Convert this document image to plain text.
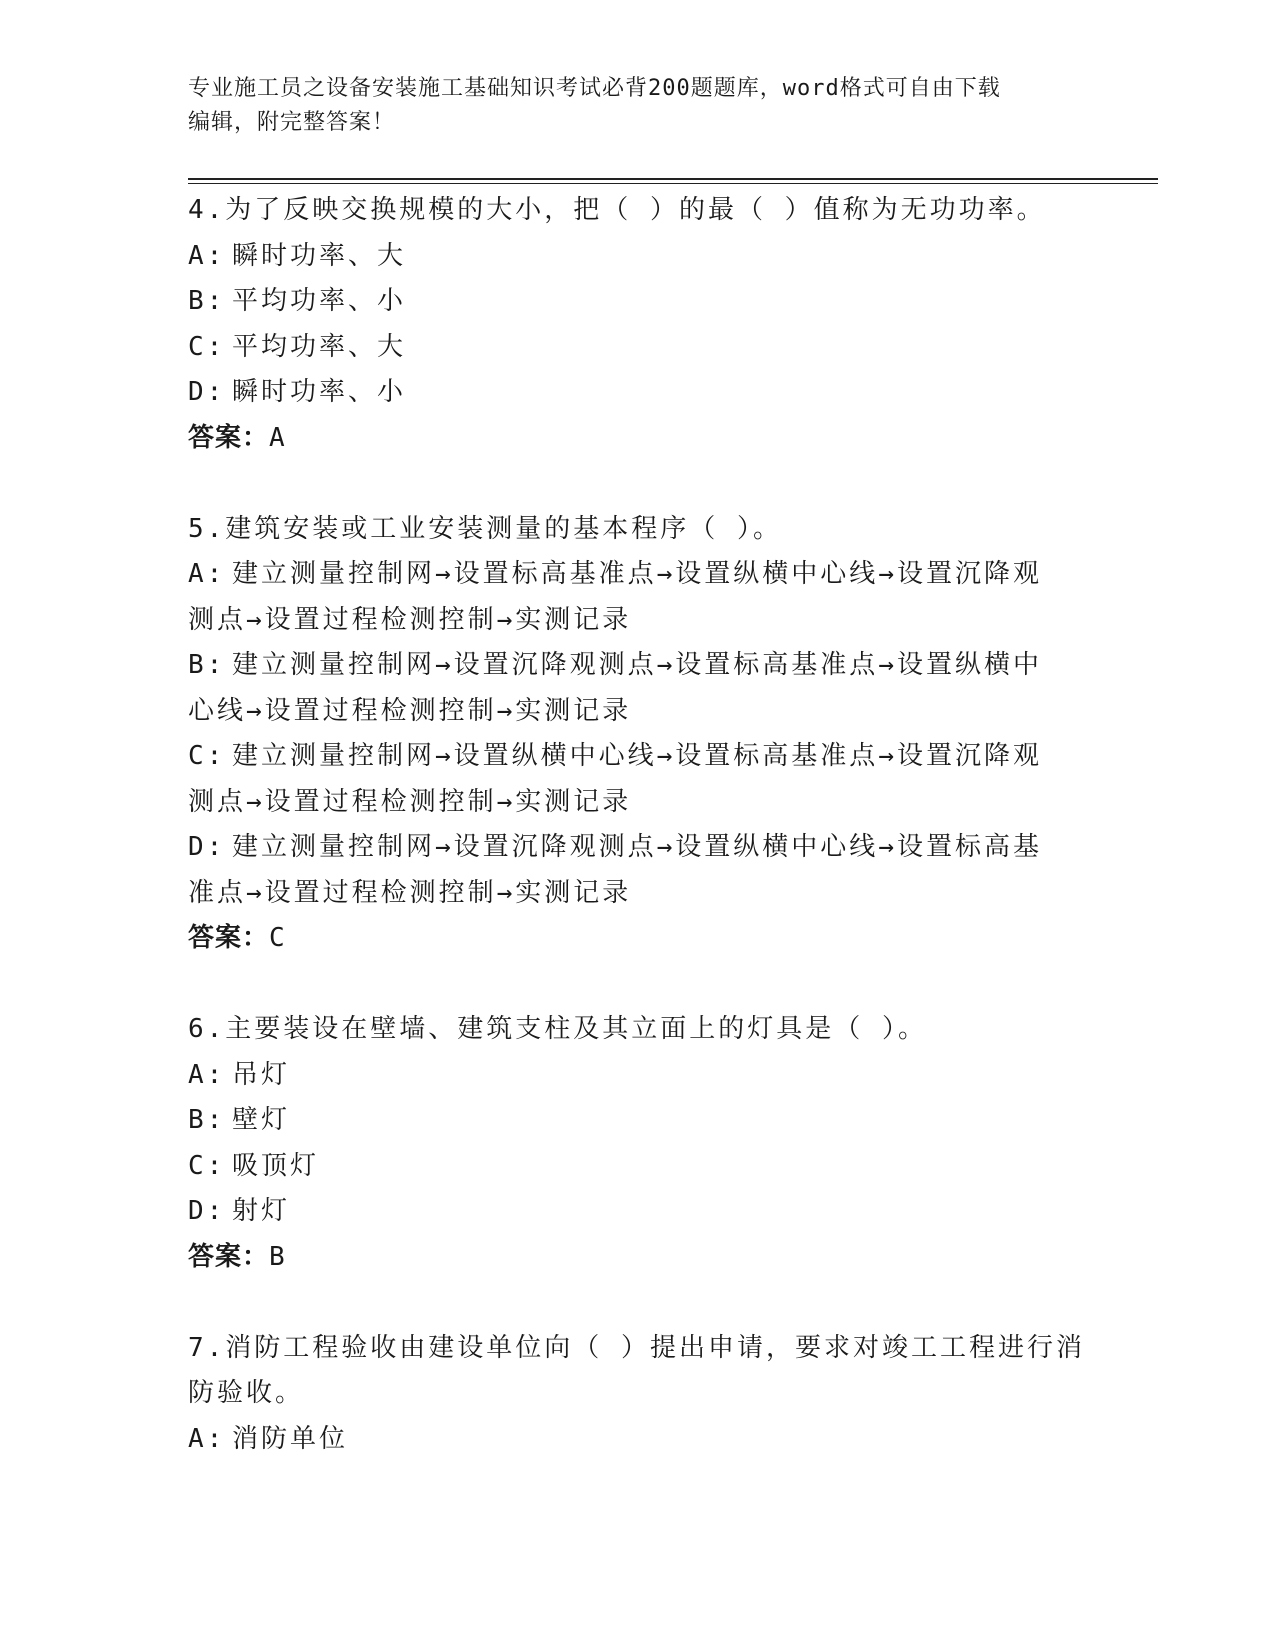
专业施工员之设备安装施工基础知识考试必背200题题库，word格式可自由下载
编辑，附完整答案！
4.为了反映交换规模的大小，把（ ）的最（ ）值称为无功功率。
A: 瞬时功率、大
B: 平均功率、小
C: 平均功率、大
D: 瞬时功率、小
答案：A
5.建筑安装或工业安装测量的基本程序（ ）。
A: 建立测量控制网→设置标高基准点→设置纵横中心线→设置沉降观
测点→设置过程检测控制→实测记录
B: 建立测量控制网→设置沉降观测点→设置标高基准点→设置纵横中
心线→设置过程检测控制→实测记录
C: 建立测量控制网→设置纵横中心线→设置标高基准点→设置沉降观
测点→设置过程检测控制→实测记录
D: 建立测量控制网→设置沉降观测点→设置纵横中心线→设置标高基
准点→设置过程检测控制→实测记录
答案：C
6.主要装设在壁墙、建筑支柱及其立面上的灯具是（ ）。
A: 吊灯
B: 壁灯
C: 吸顶灯
D: 射灯
答案：B
7.消防工程验收由建设单位向（ ）提出申请，要求对竣工工程进行消
防验收。
A: 消防单位
